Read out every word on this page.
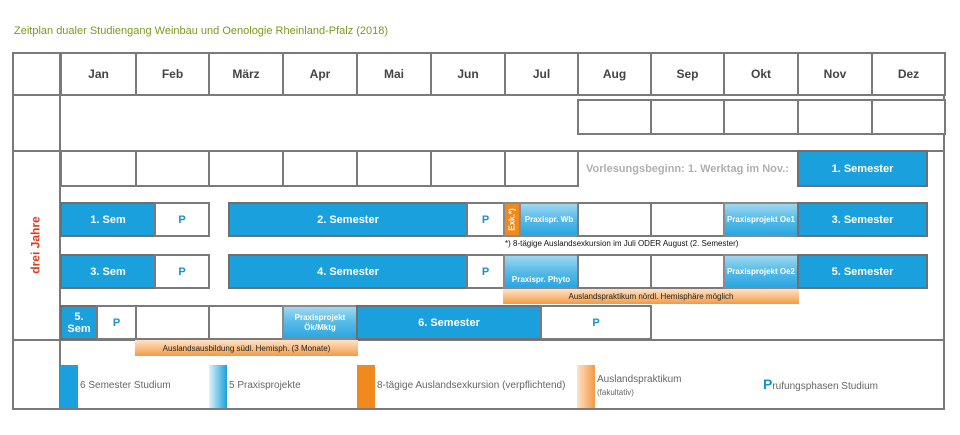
Zeitplan dualer Studiengang Weinbau und Oenologie Rheinland-Pfalz (2018)
Jan	Feb	März	Apr	Mai	Jun	Jul	Aug	Sep	Okt	Nov	Dez
drei Jahre
Vorlesungsbeginn: 1. Werktag im Nov.:	1. Semester
1. Sem	P	2. Semester	P	Exk.*)	Praxispr. Wb	Praxisprojekt Oe1	3. Semester
*) 8-tägige Auslandsexkursion im Juli ODER August (2. Semester)
3. Sem	P	4. Semester	P
Praxispr. Phyto
Praxisprojekt Oe2	5. Semester
Auslandspraktikum nördl. Hemisphäre möglich
5. Sem	P	Praxisprojekt Ök/Mktg	6. Semester	P
Auslandsausbildung südl. Hemisph. (3 Monate)
6 Semester Studium	5 Praxisprojekte	8-tägige Auslandsexkursion (verpflichtend)
Auslandspraktikum
(fakultativ)
Prufungsphasen Studium
